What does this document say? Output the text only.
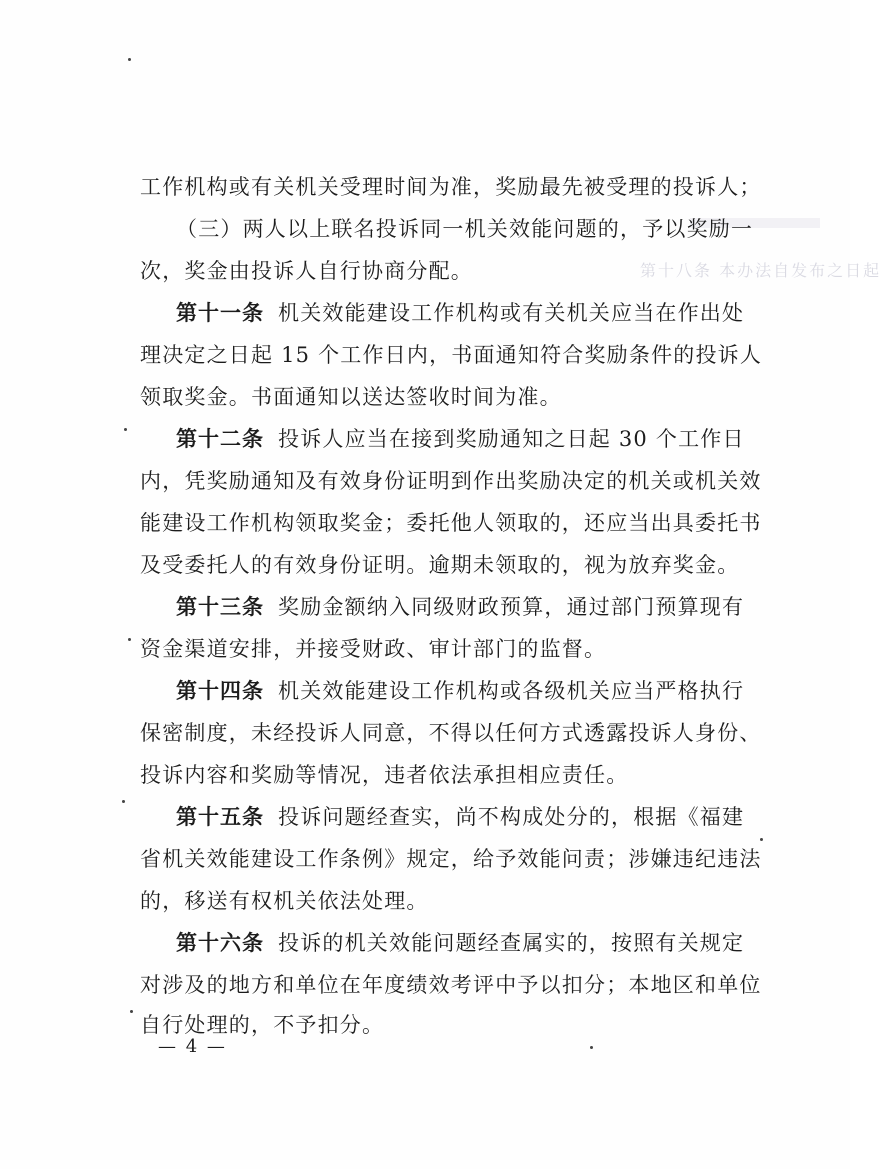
第十八条 本办法自发布之日起
工作机构或有关机关受理时间为准，奖励最先被受理的投诉人；
（三）两人以上联名投诉同一机关效能问题的，予以奖励一
次，奖金由投诉人自行协商分配。
第十一条 机关效能建设工作机构或有关机关应当在作出处
理决定之日起 15 个工作日内，书面通知符合奖励条件的投诉人
领取奖金。书面通知以送达签收时间为准。
第十二条 投诉人应当在接到奖励通知之日起 30 个工作日
内，凭奖励通知及有效身份证明到作出奖励决定的机关或机关效
能建设工作机构领取奖金；委托他人领取的，还应当出具委托书
及受委托人的有效身份证明。逾期未领取的，视为放弃奖金。
第十三条 奖励金额纳入同级财政预算，通过部门预算现有
资金渠道安排，并接受财政、审计部门的监督。
第十四条 机关效能建设工作机构或各级机关应当严格执行
保密制度，未经投诉人同意，不得以任何方式透露投诉人身份、
投诉内容和奖励等情况，违者依法承担相应责任。
第十五条 投诉问题经查实，尚不构成处分的，根据《福建
省机关效能建设工作条例》规定，给予效能问责；涉嫌违纪违法
的，移送有权机关依法处理。
第十六条 投诉的机关效能问题经查属实的，按照有关规定
对涉及的地方和单位在年度绩效考评中予以扣分；本地区和单位
自行处理的，不予扣分。
— 4 —
